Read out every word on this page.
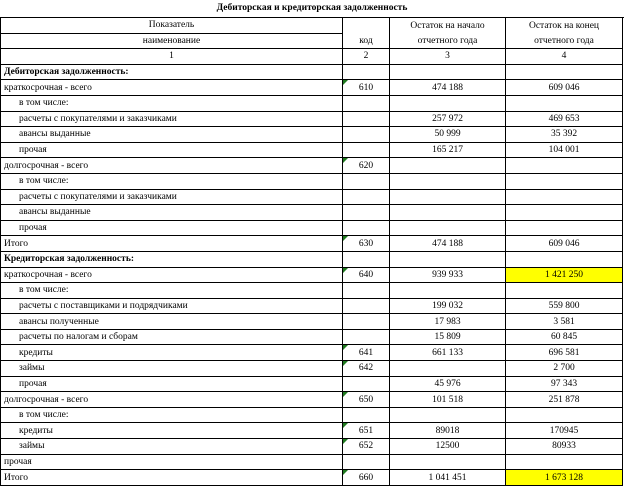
Дебиторская и кредиторская задолженность
Показатель		Остаток на начало	Остаток на конец
наименование	код	отчетного года	отчетного года
1	2	3	4
Дебиторская задолженность:			
краткосрочная - всего	610	474 188	609 046
в том числе:			
расчеты с покупателями и заказчиками		257 972	469 653
авансы выданные		50 999	35 392
прочая		165 217	104 001
долгосрочная - всего	620		
в том числе:			
расчеты с покупателями и заказчиками			
авансы выданные			
прочая			
Итого	630	474 188	609 046
Кредиторская задолженность:			
краткосрочная - всего	640	939 933	1 421 250
в том числе:			
расчеты с поставщиками и подрядчиками		199 032	559 800
авансы полученные		17 983	3 581
расчеты по налогам и сборам		15 809	60 845
кредиты	641	661 133	696 581
займы	642		2 700
прочая		45 976	97 343
долгосрочная - всего	650	101 518	251 878
в том числе:			
кредиты	651	89018	170945
займы	652	12500	80933
прочая			
Итого	660	1 041 451	1 673 128
